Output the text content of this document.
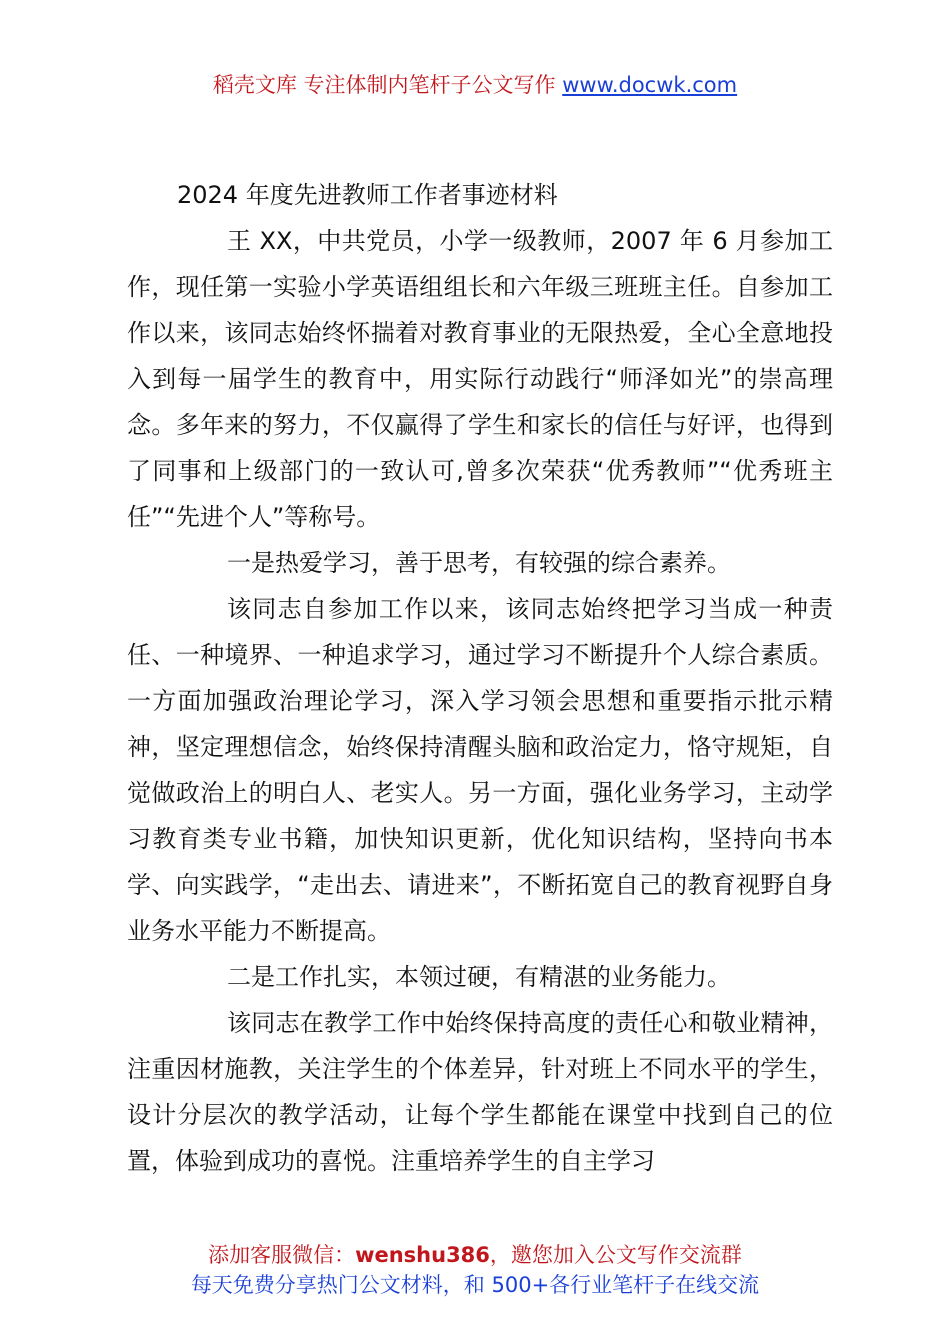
稻壳文库 专注体制内笔杆子公文写作 www.docwk.com
2024 年度先进教师工作者事迹材料

王 XX，中共党员，小学一级教师，2007 年 6 月参加工作，现任第一实验小学英语组组长和六年级三班班主任。自参加工作以来，该同志始终怀揣着对教育事业的无限热爱，全心全意地投入到每一届学生的教育中，用实际行动践行“师泽如光”的崇高理念。多年来的努力，不仅赢得了学生和家长的信任与好评，也得到了同事和上级部门的一致认可,曾多次荣获“优秀教师”“优秀班主任”“先进个人”等称号。

一是热爱学习，善于思考，有较强的综合素养。

该同志自参加工作以来，该同志始终把学习当成一种责任、一种境界、一种追求学习，通过学习不断提升个人综合素质。一方面加强政治理论学习，深入学习领会思想和重要指示批示精神，坚定理想信念，始终保持清醒头脑和政治定力，恪守规矩，自觉做政治上的明白人、老实人。另一方面，强化业务学习，主动学习教育类专业书籍，加快知识更新，优化知识结构，坚持向书本学、向实践学，“走出去、请进来”，不断拓宽自己的教育视野自身业务水平能力不断提高。

二是工作扎实，本领过硬，有精湛的业务能力。

该同志在教学工作中始终保持高度的责任心和敬业精神，注重因材施教，关注学生的个体差异，针对班上不同水平的学生，设计分层次的教学活动，让每个学生都能在课堂中找到自己的位置，体验到成功的喜悦。注重培养学生的自主学习

添加客服微信：wenshu386，邀您加入公文写作交流群
每天免费分享热门公文材料，和 500+各行业笔杆子在线交流
